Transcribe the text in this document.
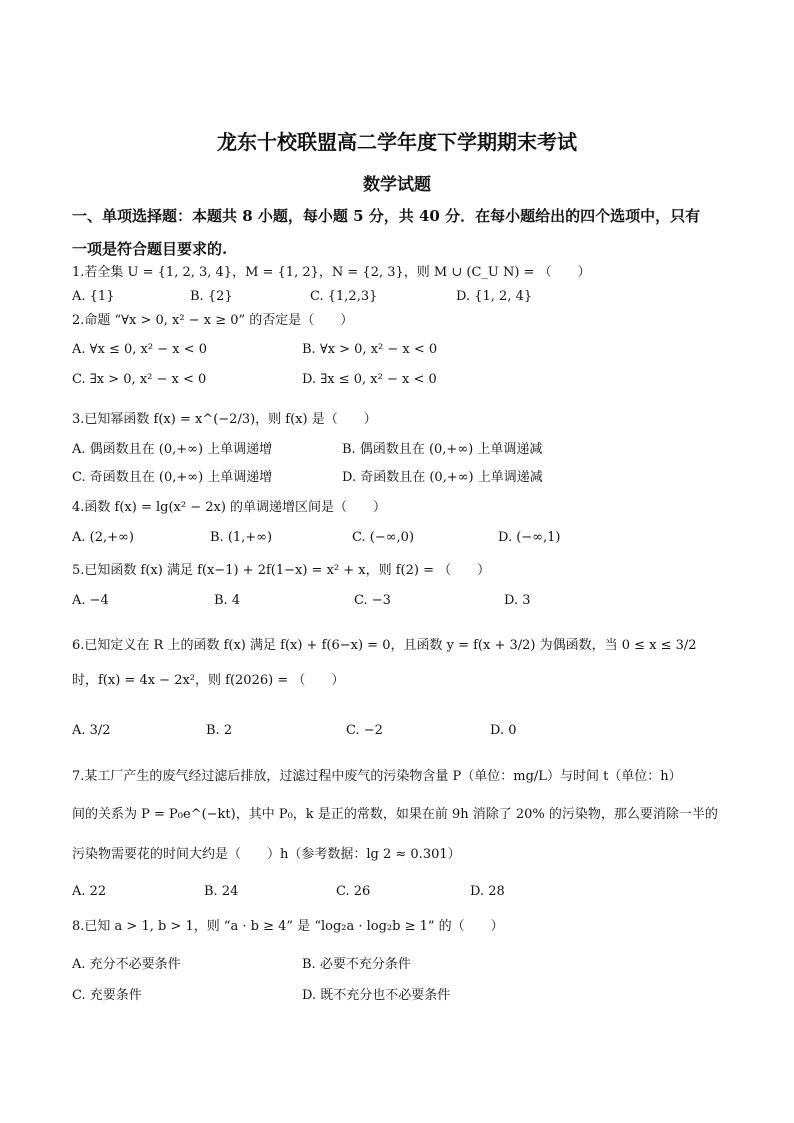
龙东十校联盟高二学年度下学期期末考试
数学试题
一、单项选择题：本题共 8 小题，每小题 5 分，共 40 分．在每小题给出的四个选项中，只有
一项是符合题目要求的.
1.若全集 U = {1, 2, 3, 4}，M = {1, 2}，N = {2, 3}，则 M ∪ (C_U N) = （　　）
A. {1}	B. {2}	C. {1,2,3}	D. {1, 2, 4}
2.命题 “∀x > 0, x² − x ≥ 0” 的否定是（　　）
A. ∀x ≤ 0, x² − x < 0	B. ∀x > 0, x² − x < 0
C. ∃x > 0, x² − x < 0	D. ∃x ≤ 0, x² − x < 0
3.已知幂函数 f(x) = x^(−2/3)，则 f(x) 是（　　）
A. 偶函数且在 (0,+∞) 上单调递增	B. 偶函数且在 (0,+∞) 上单调递减
C. 奇函数且在 (0,+∞) 上单调递增	D. 奇函数且在 (0,+∞) 上单调递减
4.函数 f(x) = lg(x² − 2x) 的单调递增区间是（　　）
A. (2,+∞)	B. (1,+∞)	C. (−∞,0)	D. (−∞,1)
5.已知函数 f(x) 满足 f(x−1) + 2f(1−x) = x² + x，则 f(2) = （　　）
A. −4	B. 4	C. −3	D. 3
6.已知定义在 R 上的函数 f(x) 满足 f(x) + f(6−x) = 0，且函数 y = f(x + 3/2) 为偶函数，当 0 ≤ x ≤ 3/2
时，f(x) = 4x − 2x²，则 f(2026) = （　　）
A. 3/2	B. 2	C. −2	D. 0
7.某工厂产生的废气经过滤后排放，过滤过程中废气的污染物含量 P（单位：mg/L）与时间 t（单位：h）
间的关系为 P = P₀e^(−kt)，其中 P₀，k 是正的常数，如果在前 9h 消除了 20% 的污染物，那么要消除一半的
污染物需要花的时间大约是（　　）h（参考数据：lg 2 ≈ 0.301）
A. 22	B. 24	C. 26	D. 28
8.已知 a > 1, b > 1，则 “a · b ≥ 4” 是 “log₂a · log₂b ≥ 1” 的（　　）
A. 充分不必要条件	B. 必要不充分条件
C. 充要条件	D. 既不充分也不必要条件
